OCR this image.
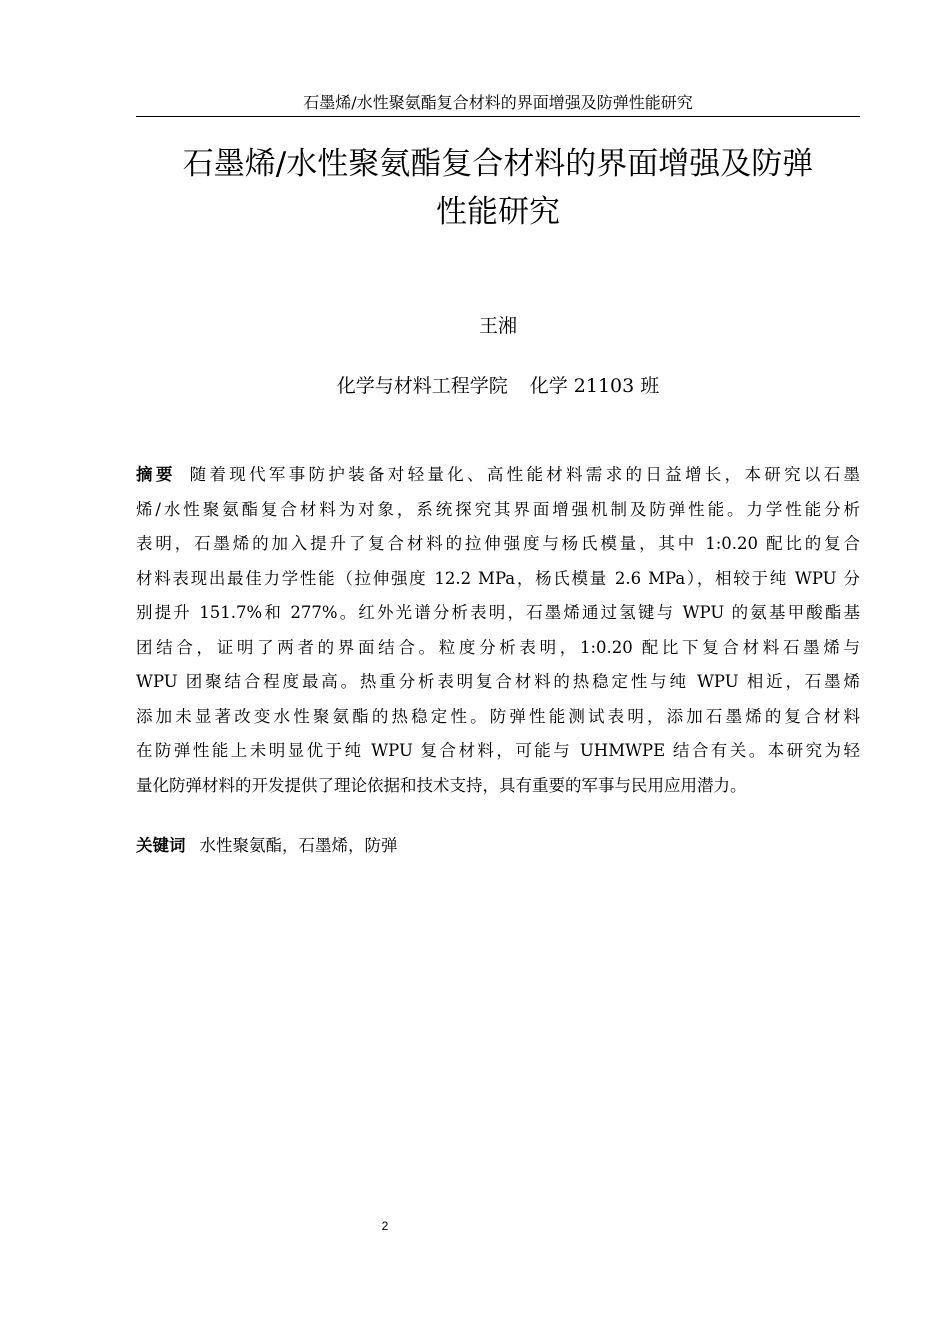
石墨烯/水性聚氨酯复合材料的界面增强及防弹性能研究
石墨烯/水性聚氨酯复合材料的界面增强及防弹
性能研究
王湘
化学与材料工程学院 化学 21103 班
摘要 随着现代军事防护装备对轻量化、高性能材料需求的日益增长，本研究以石墨
烯/水性聚氨酯复合材料为对象，系统探究其界面增强机制及防弹性能。力学性能分析
表明，石墨烯的加入提升了复合材料的拉伸强度与杨氏模量，其中 1:0.20 配比的复合
材料表现出最佳力学性能（拉伸强度 12.2 MPa，杨氏模量 2.6 MPa），相较于纯 WPU 分
别提升 151.7%和 277%。红外光谱分析表明，石墨烯通过氢键与 WPU 的氨基甲酸酯基
团结合，证明了两者的界面结合。粒度分析表明，1:0.20 配比下复合材料石墨烯与
WPU 团聚结合程度最高。热重分析表明复合材料的热稳定性与纯 WPU 相近，石墨烯
添加未显著改变水性聚氨酯的热稳定性。防弹性能测试表明，添加石墨烯的复合材料
在防弹性能上未明显优于纯 WPU 复合材料，可能与 UHMWPE 结合有关。本研究为轻
量化防弹材料的开发提供了理论依据和技术支持，具有重要的军事与民用应用潜力。
关键词 水性聚氨酯，石墨烯，防弹
2
